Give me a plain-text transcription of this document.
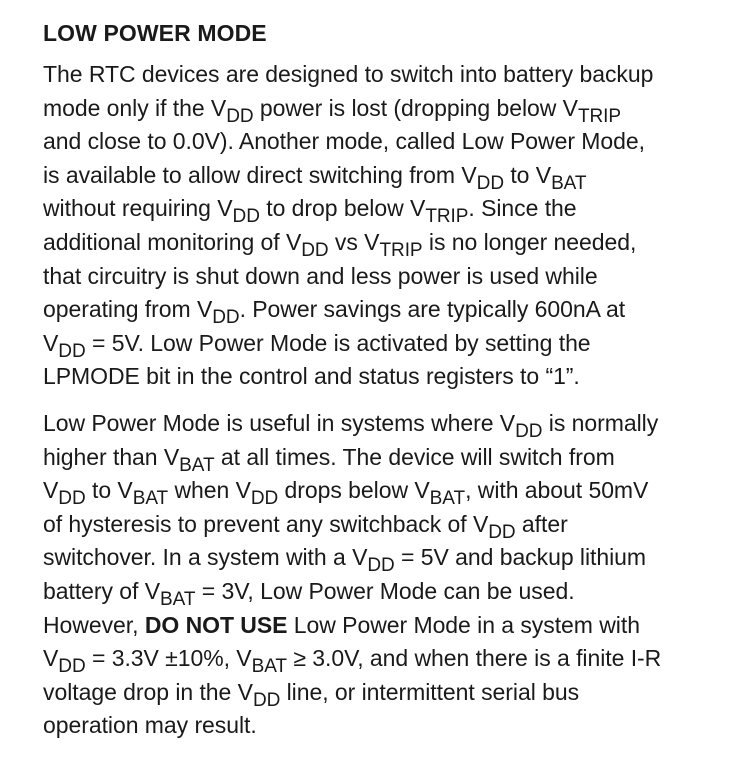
LOW POWER MODE

The RTC devices are designed to switch into battery backup
mode only if the $V_{DD}$ power is lost (dropping below $V_{TRIP}$
and close to 0.0V). Another mode, called Low Power Mode,
is available to allow direct switching from $V_{DD}$ to $V_{BAT}$
without requiring $V_{DD}$ to drop below $V_{TRIP}$. Since the
additional monitoring of $V_{DD}$ vs $V_{TRIP}$ is no longer needed,
that circuitry is shut down and less power is used while
operating from $V_{DD}$. Power savings are typically 600nA at
$V_{DD} = 5V$. Low Power Mode is activated by setting the
LPMODE bit in the control and status registers to “1”.

Low Power Mode is useful in systems where $V_{DD}$ is normally
higher than $V_{BAT}$ at all times. The device will switch from
$V_{DD}$ to $V_{BAT}$ when $V_{DD}$ drops below $V_{BAT}$, with about 50mV
of hysteresis to prevent any switchback of $V_{DD}$ after
switchover. In a system with a $V_{DD} = 5V$ and backup lithium
battery of $V_{BAT} = 3V$, Low Power Mode can be used.
However, DO NOT USE Low Power Mode in a system with
$V_{DD} = 3.3V \pm 10\%$, $V_{BAT} \ge 3.0V$, and when there is a finite I-R
voltage drop in the $V_{DD}$ line, or intermittent serial bus
operation may result.
